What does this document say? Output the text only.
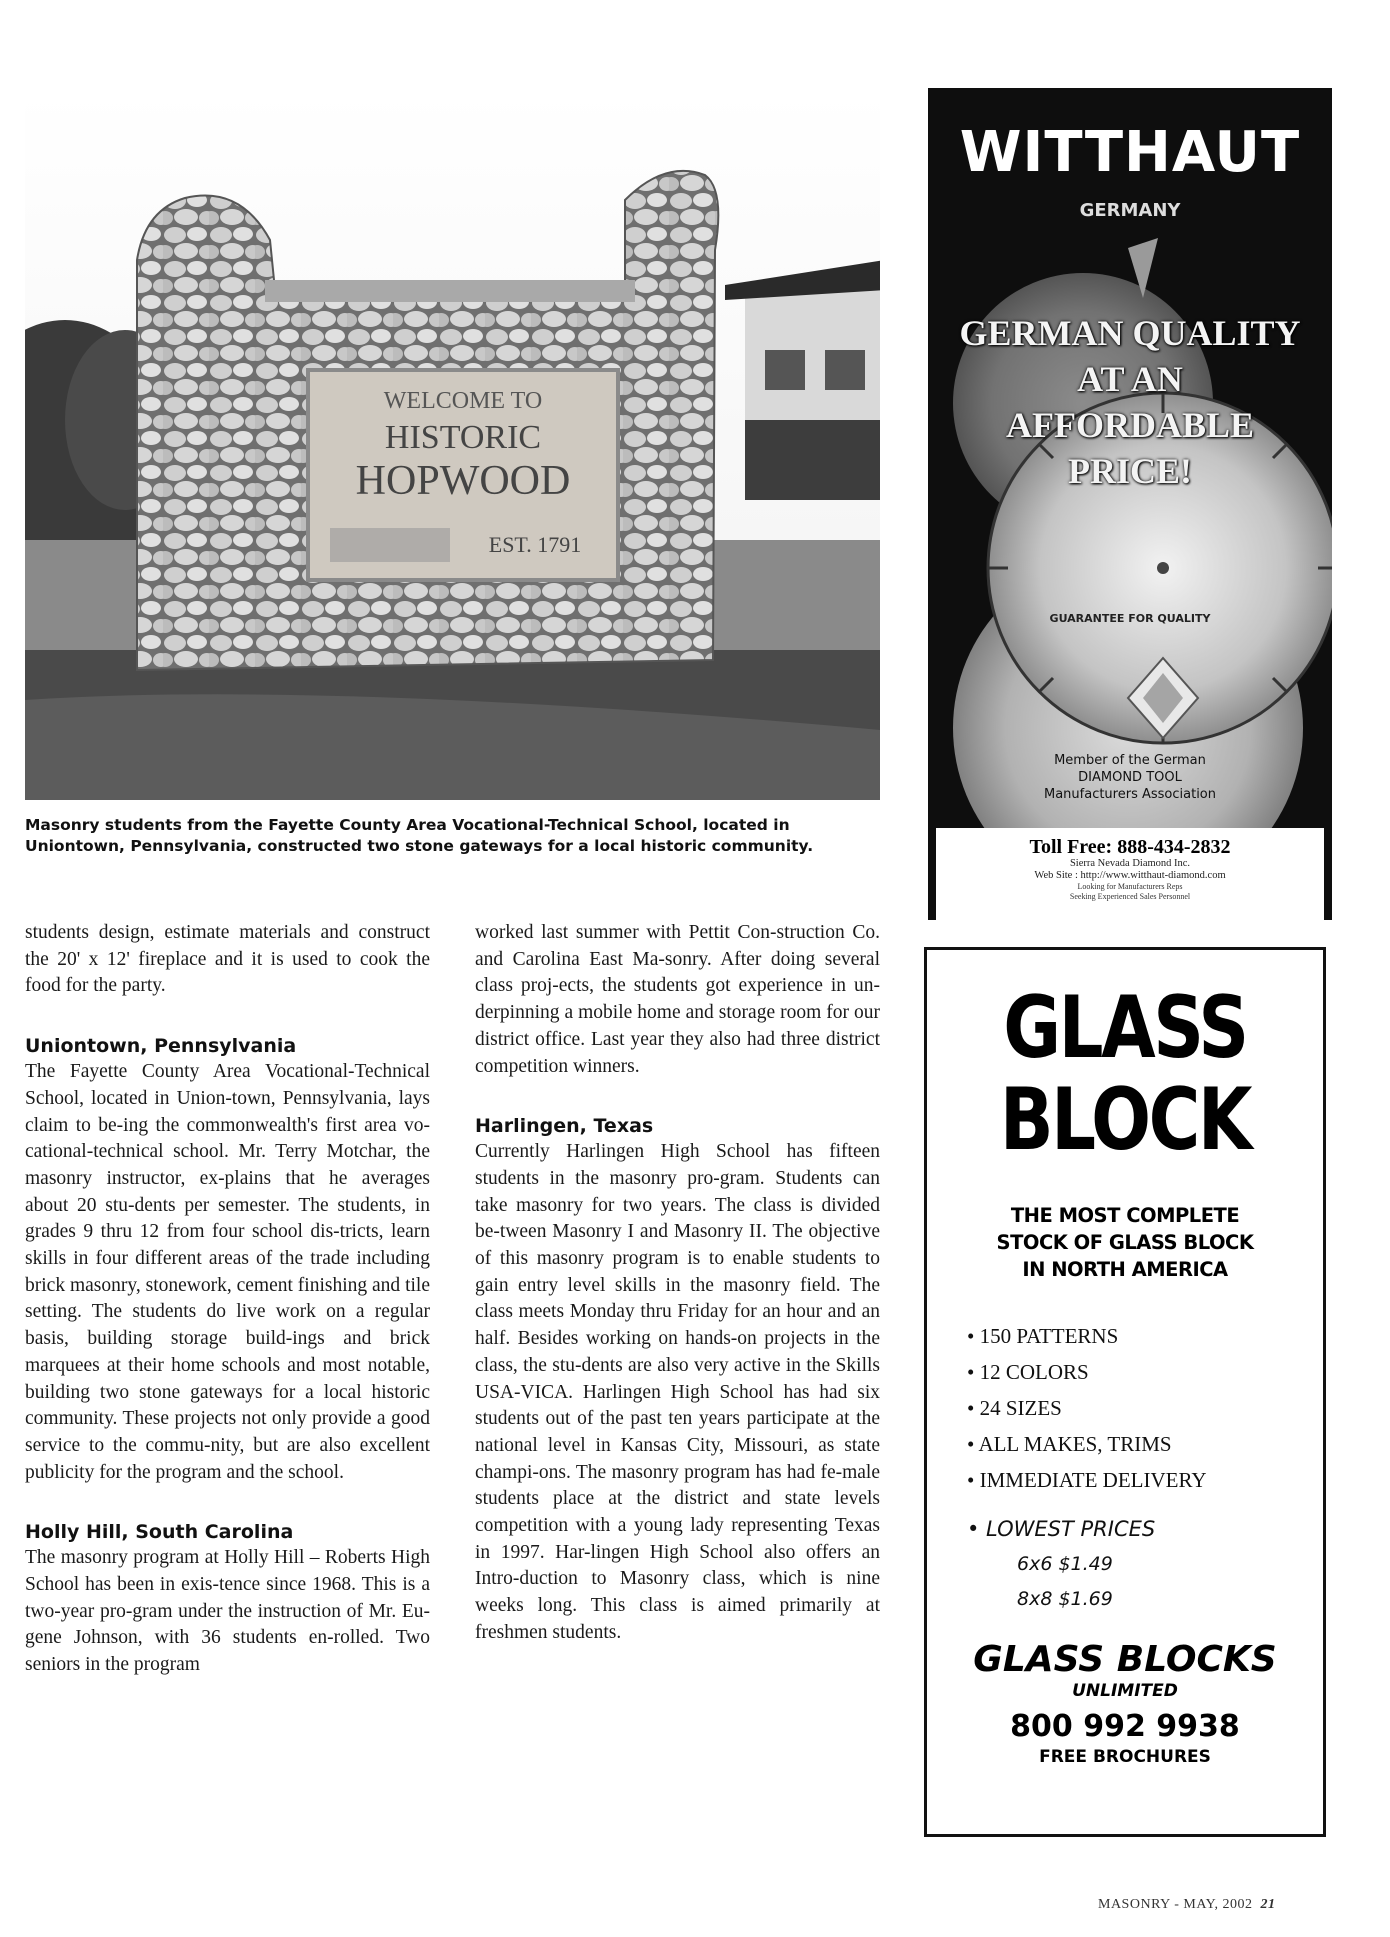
WELCOME TO
HISTORIC
HOPWOOD
EST. 1791
Masonry students from the Fayette County Area Vocational-Technical School, located in Uniontown, Pennsylvania, constructed two stone gateways for a local historic community.

students design, estimate materials and construct the 20' x 12' fireplace and it is used to cook the food for the party.

Uniontown, Pennsylvania

The Fayette County Area Vocational-Technical School, located in Union-town, Pennsylvania, lays claim to be-ing the commonwealth's first area vo-cational-technical school. Mr. Terry Motchar, the masonry instructor, ex-plains that he averages about 20 stu-dents per semester. The students, in grades 9 thru 12 from four school dis-tricts, learn skills in four different areas of the trade including brick masonry, stonework, cement finishing and tile setting. The students do live work on a regular basis, building storage build-ings and brick marquees at their home schools and most notable, building two stone gateways for a local historic community. These projects not only provide a good service to the commu-nity, but are also excellent publicity for the program and the school.

Holly Hill, South Carolina

The masonry program at Holly Hill – Roberts High School has been in exis-tence since 1968. This is a two-year pro-gram under the instruction of Mr. Eu-gene Johnson, with 36 students en-rolled. Two seniors in the program

worked last summer with Pettit Con-struction Co. and Carolina East Ma-sonry. After doing several class proj-ects, the students got experience in un-derpinning a mobile home and storage room for our district office. Last year they also had three district competition winners.

Harlingen, Texas

Currently Harlingen High School has fifteen students in the masonry pro-gram. Students can take masonry for two years. The class is divided be-tween Masonry I and Masonry II. The objective of this masonry program is to enable students to gain entry level skills in the masonry field. The class meets Monday thru Friday for an hour and an half. Besides working on hands-on projects in the class, the stu-dents are also very active in the Skills USA-VICA. Harlingen High School has had six students out of the past ten years participate at the national level in Kansas City, Missouri, as state champi-ons. The masonry program has had fe-male students place at the district and state levels competition with a young lady representing Texas in 1997. Har-lingen High School also offers an Intro-duction to Masonry class, which is nine weeks long. This class is aimed primarily at freshmen students.

WITTHAUT
GERMANY
GERMAN QUALITY
AT AN
AFFORDABLE
PRICE!
GUARANTEE FOR QUALITY
Member of the German
DIAMOND TOOL
Manufacturers Association
Toll Free: 888-434-2832
Sierra Nevada Diamond Inc.
Web Site : http://www.witthaut-diamond.com
Looking for Manufacturers Reps
Seeking Experienced Sales Personnel
GLASS
BLOCK
THE MOST COMPLETE
STOCK OF GLASS BLOCK
IN NORTH AMERICA
• 150 PATTERNS
• 12 COLORS
• 24 SIZES
• ALL MAKES, TRIMS
• IMMEDIATE DELIVERY
• LOWEST PRICES
6x6 $1.49
8x8 $1.69
GLASS BLOCKS
UNLIMITED
800 992 9938
FREE BROCHURES
MASONRY - MAY, 2002 21
